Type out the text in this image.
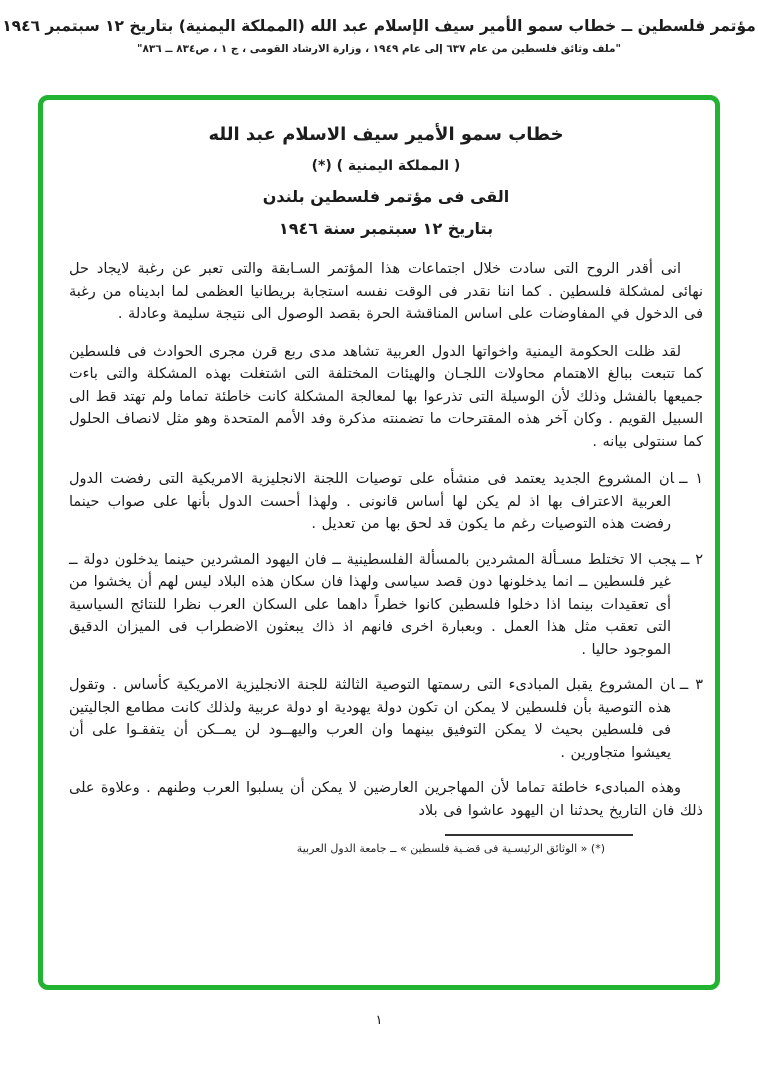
مؤتمر فلسطين ــ خطاب سمو الأمير سيف الإسلام عبد الله (المملكة اليمنية) بتاريخ ١٢ سبتمبر ١٩٤٦
"ملف وثائق فلسطين من عام ٦٣٧ إلى عام ١٩٤٩ ، وزارة الارشاد القومى ، ج ١ ، ص٨٣٤ ــ ٨٣٦"
خطاب سمو الأمير سيف الاسلام عبد الله
( المملكة اليمنية ) (*)
القى فى مؤتمر فلسطين بلندن
بتاريخ ١٢ سبتمبر سنة ١٩٤٦

انى أقدر الروح التى سادت خلال اجتماعات هذا المؤتمر السـابقة والتى تعبر عن رغبة لايجاد حل نهائى لمشكلة فلسطين . كما اننا نقدر فى الوقت نفسه استجابة بريطانيا العظمى لما ابديناه من رغبة فى الدخول في المفاوضات على اساس المناقشة الحرة بقصد الوصول الى نتيجة سليمة وعادلة .

لقد ظلت الحكومة اليمنية واخواتها الدول العربية تشاهد مدى ربع قرن مجرى الحوادث فى فلسطين كما تتبعت ببالغ الاهتمام محاولات اللجـان والهيئات المختلفة التى اشتغلت بهذه المشكلة والتى باءت جميعها بالفشل وذلك لأن الوسيلة التى تذرعوا بها لمعالجة المشكلة كانت خاطئة تماما ولم تهتد قط الى السبيل القويم . وكان آخر هذه المقترحات ما تضمنته مذكرة وفد الأمم المتحدة وهو مثل لانصاف الحلول كما سنتولى بيانه .

١ ــان المشروع الجديد يعتمد فى منشأه على توصيات اللجنة الانجليزية الامريكية التى رفضت الدول العربية الاعتراف بها اذ لم يكن لها أساس قانونى . ولهذا أحست الدول بأنها على صواب حينما رفضت هذه التوصيات رغم ما يكون قد لحق بها من تعديل .
٢ ــيجب الا تختلط مسـألة المشردين بالمسألة الفلسطينية ــ فان اليهود المشردين حينما يدخلون دولة ــ غير فلسطين ــ انما يدخلونها دون قصد سياسى ولهذا فان سكان هذه البلاد ليس لهم أن يخشوا من أى تعقيدات بينما اذا دخلوا فلسطين كانوا خطراً داهما على السكان العرب نظرا للنتائج السياسية التى تعقب مثل هذا العمل . وبعبارة اخرى فانهم اذ ذاك يبعثون الاضطراب فى الميزان الدقيق الموجود حاليا .
٣ ــان المشروع يقبل المبادىء التى رسمتها التوصية الثالثة للجنة الانجليزية الامريكية كأساس . وتقول هذه التوصية بأن فلسطين لا يمكن ان تكون دولة يهودية او دولة عربية ولذلك كانت مطامع الجاليتين فى فلسطين بحيث لا يمكن التوفيق بينهما وان العرب واليهــود لن يمــكن أن يتفقـوا على أن يعيشوا متجاورين .

وهذه المبادىء خاطئة تماما لأن المهاجرين العارضين لا يمكن أن يسلبوا العرب وطنهم . وعلاوة على ذلك فان التاريخ يحدثنا ان اليهود عاشوا فى بلاد

(*) « الوثائق الرئيسـية فى قضـية فلسطين » ــ جامعة الدول العربية
١
